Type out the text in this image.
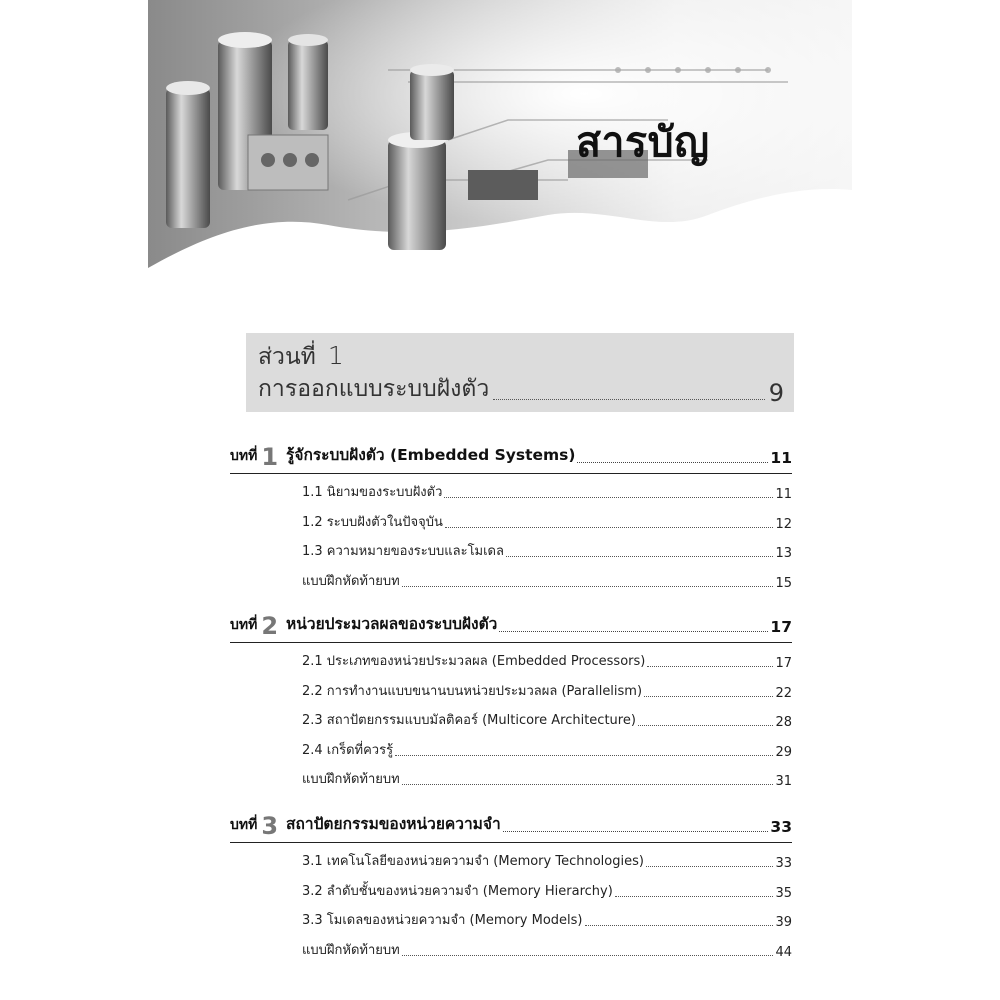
สารบัญ
ส่วนที่ 1
การออกแบบระบบฝังตัว	9
บทที่ 1 รู้จักระบบฝังตัว (Embedded Systems)	11
1.1 นิยามของระบบฝังตัว	11
1.2 ระบบฝังตัวในปัจจุบัน	12
1.3 ความหมายของระบบและโมเดล	13
แบบฝึกหัดท้ายบท	15
บทที่ 2 หน่วยประมวลผลของระบบฝังตัว	17
2.1 ประเภทของหน่วยประมวลผล (Embedded Processors)	17
2.2 การทำงานแบบขนานบนหน่วยประมวลผล (Parallelism)	22
2.3 สถาปัตยกรรมแบบมัลติคอร์ (Multicore Architecture)	28
2.4 เกร็ดที่ควรรู้	29
แบบฝึกหัดท้ายบท	31
บทที่ 3 สถาปัตยกรรมของหน่วยความจำ	33
3.1 เทคโนโลยีของหน่วยความจำ (Memory Technologies)	33
3.2 ลำดับชั้นของหน่วยความจำ (Memory Hierarchy)	35
3.3 โมเดลของหน่วยความจำ (Memory Models)	39
แบบฝึกหัดท้ายบท	44
